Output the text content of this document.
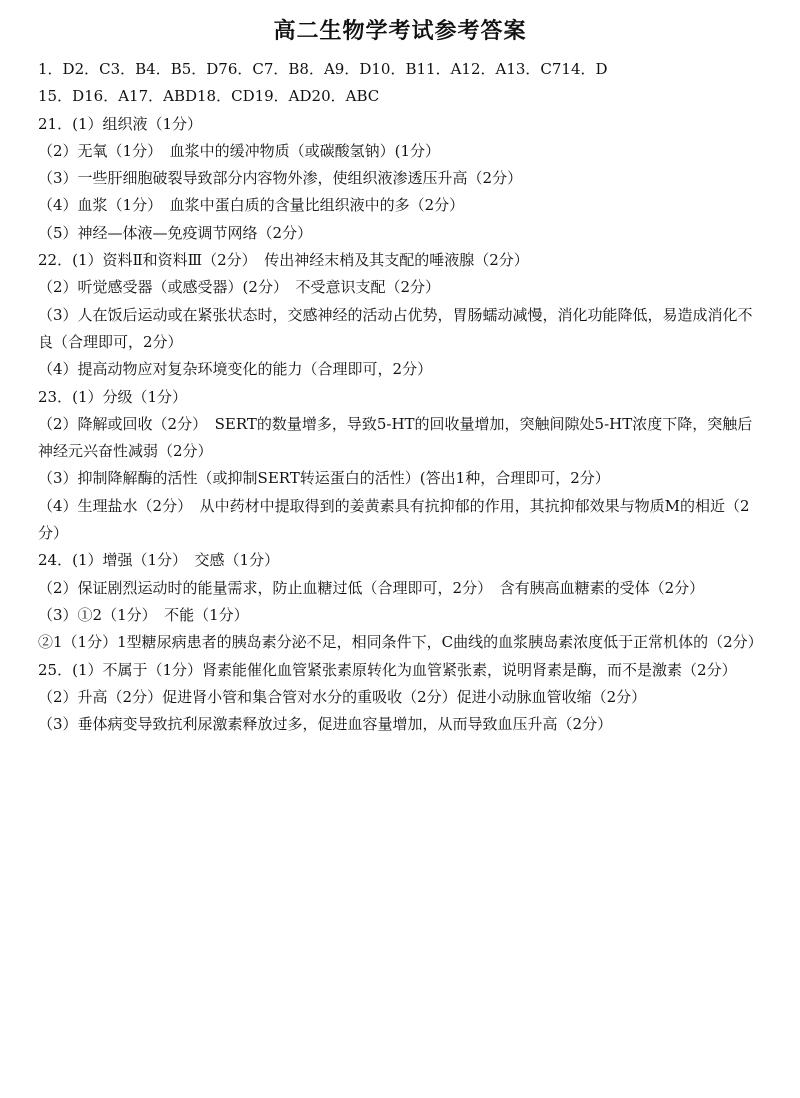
高二生物学考试参考答案
1．D2．C3．B4．B5．D76．C7．B8．A9．D10．B11．A12．A13．C714．D
15．D16．A17．ABD18．CD19．AD20．ABC
21．(1）组织液（1分）
（2）无氧（1分）　血浆中的缓冲物质（或碳酸氢钠）(1分）
（3）一些肝细胞破裂导致部分内容物外渗，使组织液渗透压升高（2分）
（4）血浆（1分）　血浆中蛋白质的含量比组织液中的多（2分）
（5）神经—体液—免疫调节网络（2分）
22．(1）资料Ⅱ和资料Ⅲ（2分）　传出神经末梢及其支配的唾液腺（2分）
（2）听觉感受器（或感受器）(2分）　不受意识支配（2分）
（3）人在饭后运动或在紧张状态时，交感神经的活动占优势，胃肠蠕动减慢，消化功能降低，易造成消化不良（合理即可，2分）
（4）提高动物应对复杂环境变化的能力（合理即可，2分）
23．(1）分级（1分）
（2）降解或回收（2分）　SERT的数量增多，导致5-HT的回收量增加，突触间隙处5-HT浓度下降，突触后神经元兴奋性减弱（2分）
（3）抑制降解酶的活性（或抑制SERT转运蛋白的活性）(答出1种，合理即可，2分）
（4）生理盐水（2分）　从中药材中提取得到的姜黄素具有抗抑郁的作用，其抗抑郁效果与物质M的相近（2分）
24．(1）增强（1分）　交感（1分）
（2）保证剧烈运动时的能量需求，防止血糖过低（合理即可，2分）　含有胰高血糖素的受体（2分）
（3）①2（1分）　不能（1分）
②1（1分）1型糖尿病患者的胰岛素分泌不足，相同条件下，C曲线的血浆胰岛素浓度低于正常机体的（2分）
25．(1）不属于（1分）肾素能催化血管紧张素原转化为血管紧张素，说明肾素是酶，而不是激素（2分）
（2）升高（2分）促进肾小管和集合管对水分的重吸收（2分）促进小动脉血管收缩（2分）
（3）垂体病变导致抗利尿激素释放过多，促进血容量增加，从而导致血压升高（2分）
